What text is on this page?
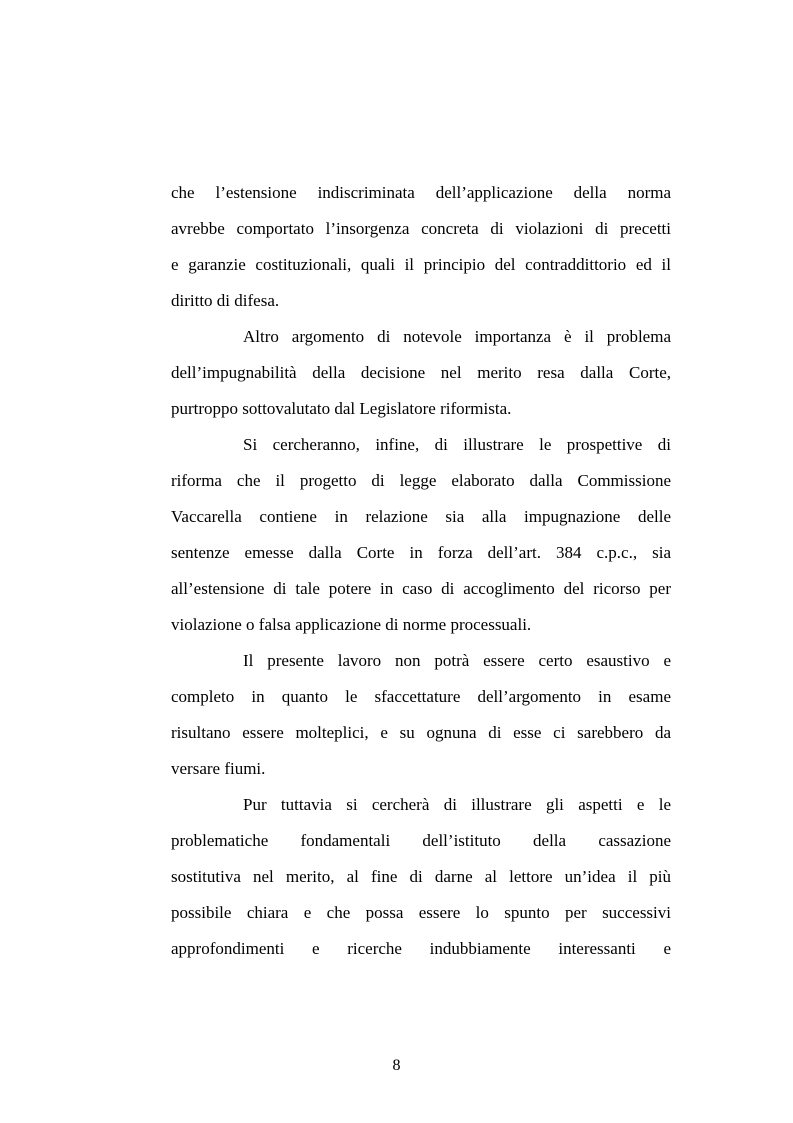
che l’estensione indiscriminata dell’applicazione della norma
avrebbe comportato l’insorgenza concreta di violazioni di precetti
e garanzie costituzionali, quali il principio del contraddittorio ed il
diritto di difesa.
Altro argomento di notevole importanza è il problema
dell’impugnabilità della decisione nel merito resa dalla Corte,
purtroppo sottovalutato dal Legislatore riformista.
Si cercheranno, infine, di illustrare le prospettive di
riforma che il progetto di legge elaborato dalla Commissione
Vaccarella contiene in relazione sia alla impugnazione delle
sentenze emesse dalla Corte in forza dell’art. 384 c.p.c., sia
all’estensione di tale potere in caso di accoglimento del ricorso per
violazione o falsa applicazione di norme processuali.
Il presente lavoro non potrà essere certo esaustivo e
completo in quanto le sfaccettature dell’argomento in esame
risultano essere molteplici, e su ognuna di esse ci sarebbero da
versare fiumi.
Pur tuttavia si cercherà di illustrare gli aspetti e le
problematiche fondamentali dell’istituto della cassazione
sostitutiva nel merito, al fine di darne al lettore un’idea il più
possibile chiara e che possa essere lo spunto per successivi
approfondimenti e ricerche indubbiamente interessanti e
8
